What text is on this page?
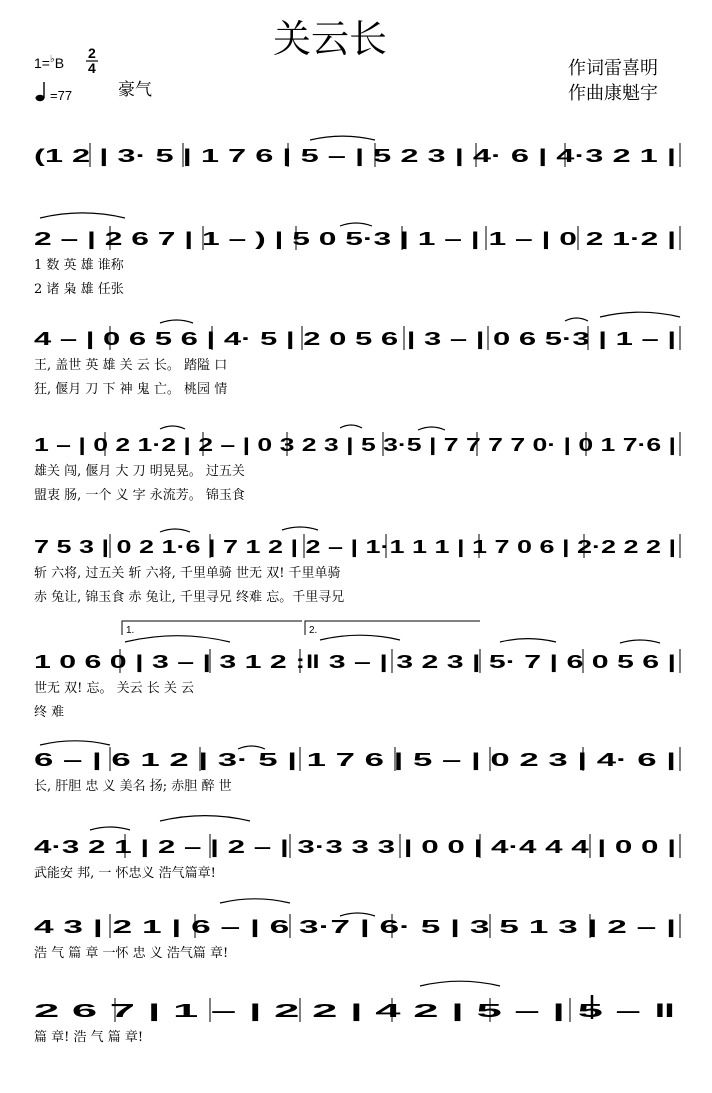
关云长
1=♭B
2
4
=77	豪气
作词雷喜明
作曲康魁宇
(1 2 | 3· 5 | 1 7 6 | 5 – | 5 2 3 | 4· 6 | 4·3 2 1 |
2 – | 2 6 7 | 1 – ) | 5 0 5·3 | 1 – | 1 – | 0 2 1·2 |
1 数 英 雄 谁称
2 诸 枭 雄 任张
4 – | 0 6 5 6 | 4· 5 | 2 0 5 6 | 3 – | 0 6 5·3 | 1 – |
王, 盖世 英 雄 关 云 长。 踏隘 口
狂, 偃月 刀 下 神 鬼 亡。 桃园 情
1 – | 0 2 1·2 | 2 – | 0 3 2 3 | 5 3·5 | 7 7 7 7 0· | 0 1 7·6 |
雄关 闯, 偃月 大 刀 明晃晃。 过五关
盟衷 肠, 一个 义 字 永流芳。 锦玉食
7 5 3 | 0 2 1·6 | 7 1 2 | 2 – | 1·1 1 1 | 1 7 0 6 | 2·2 2 2 |
斩 六将, 过五关 斩 六将, 千里单骑 世无 双! 千里单骑
赤 兔让, 锦玉食 赤 兔让, 千里寻兄 终难 忘。千里寻兄
1 0 6 0 | 3 – | 3 1 2 :‖ 3 – | 3 2 3 | 5· 7 | 6 0 5 6 |
世无 双! 忘。 关云 长 关 云
终 难
6 – | 6 1 2 | 3· 5 | 1 7 6 | 5 – | 0 2 3 | 4· 6 |
长, 肝胆 忠 义 美名 扬; 赤胆 醉 世
4·3 2 1 | 2 – | 2 – | 3·3 3 3 | 0 0 | 4·4 4 4 | 0 0 |
武能安 邦, 一 怀忠义 浩气篇章!
4 3 | 2 1 | 6 – | 6 3·7 | 6· 5 | 3 5 1 3 | 2 – |
浩 气 篇 章 一怀 忠 义 浩气篇 章!
2 6 7 | 1 – | 2 2 | 4 2 | 5 – | 5 – ‖
篇 章! 浩 气 篇 章!
1.	2.
